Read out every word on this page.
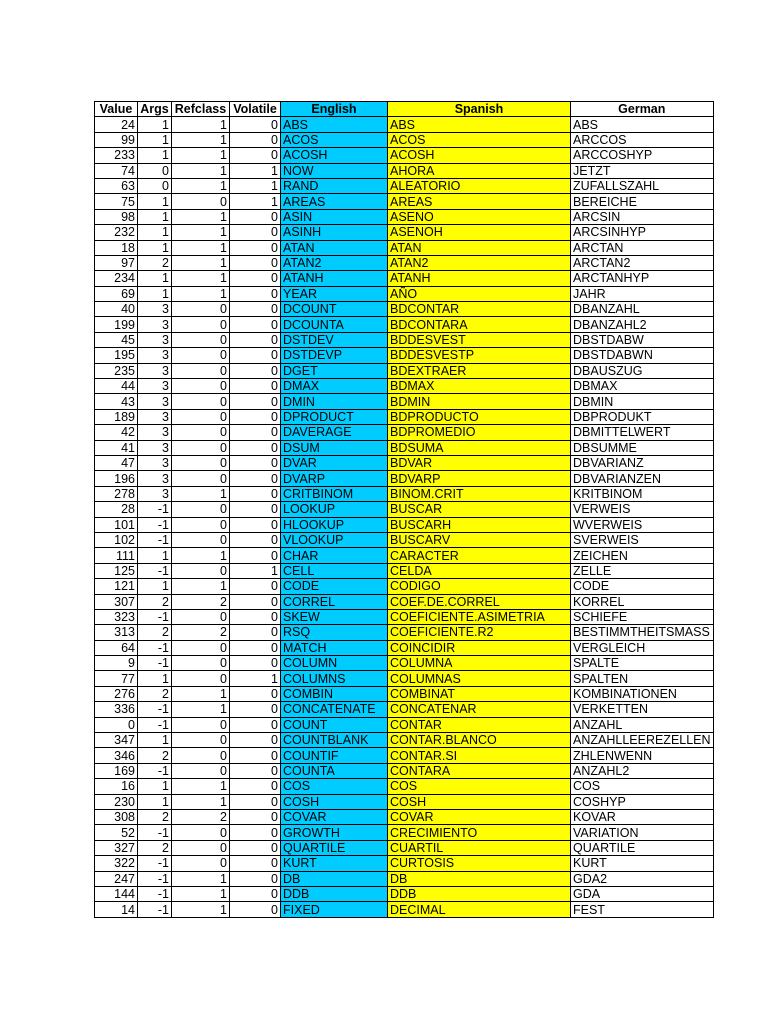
Value	Args	Refclass	Volatile	English	Spanish	German
24	1	1	0	ABS	ABS	ABS
99	1	1	0	ACOS	ACOS	ARCCOS
233	1	1	0	ACOSH	ACOSH	ARCCOSHYP
74	0	1	1	NOW	AHORA	JETZT
63	0	1	1	RAND	ALEATORIO	ZUFALLSZAHL
75	1	0	1	AREAS	AREAS	BEREICHE
98	1	1	0	ASIN	ASENO	ARCSIN
232	1	1	0	ASINH	ASENOH	ARCSINHYP
18	1	1	0	ATAN	ATAN	ARCTAN
97	2	1	0	ATAN2	ATAN2	ARCTAN2
234	1	1	0	ATANH	ATANH	ARCTANHYP
69	1	1	0	YEAR	AÑO	JAHR
40	3	0	0	DCOUNT	BDCONTAR	DBANZAHL
199	3	0	0	DCOUNTA	BDCONTARA	DBANZAHL2
45	3	0	0	DSTDEV	BDDESVEST	DBSTDABW
195	3	0	0	DSTDEVP	BDDESVESTP	DBSTDABWN
235	3	0	0	DGET	BDEXTRAER	DBAUSZUG
44	3	0	0	DMAX	BDMAX	DBMAX
43	3	0	0	DMIN	BDMIN	DBMIN
189	3	0	0	DPRODUCT	BDPRODUCTO	DBPRODUKT
42	3	0	0	DAVERAGE	BDPROMEDIO	DBMITTELWERT
41	3	0	0	DSUM	BDSUMA	DBSUMME
47	3	0	0	DVAR	BDVAR	DBVARIANZ
196	3	0	0	DVARP	BDVARP	DBVARIANZEN
278	3	1	0	CRITBINOM	BINOM.CRIT	KRITBINOM
28	-1	0	0	LOOKUP	BUSCAR	VERWEIS
101	-1	0	0	HLOOKUP	BUSCARH	WVERWEIS
102	-1	0	0	VLOOKUP	BUSCARV	SVERWEIS
111	1	1	0	CHAR	CARACTER	ZEICHEN
125	-1	0	1	CELL	CELDA	ZELLE
121	1	1	0	CODE	CODIGO	CODE
307	2	2	0	CORREL	COEF.DE.CORREL	KORREL
323	-1	0	0	SKEW	COEFICIENTE.ASIMETRIA	SCHIEFE
313	2	2	0	RSQ	COEFICIENTE.R2	BESTIMMTHEITSMASS
64	-1	0	0	MATCH	COINCIDIR	VERGLEICH
9	-1	0	0	COLUMN	COLUMNA	SPALTE
77	1	0	1	COLUMNS	COLUMNAS	SPALTEN
276	2	1	0	COMBIN	COMBINAT	KOMBINATIONEN
336	-1	1	0	CONCATENATE	CONCATENAR	VERKETTEN
0	-1	0	0	COUNT	CONTAR	ANZAHL
347	1	0	0	COUNTBLANK	CONTAR.BLANCO	ANZAHLLEEREZELLEN
346	2	0	0	COUNTIF	CONTAR.SI	ZHLENWENN
169	-1	0	0	COUNTA	CONTARA	ANZAHL2
16	1	1	0	COS	COS	COS
230	1	1	0	COSH	COSH	COSHYP
308	2	2	0	COVAR	COVAR	KOVAR
52	-1	0	0	GROWTH	CRECIMIENTO	VARIATION
327	2	0	0	QUARTILE	CUARTIL	QUARTILE
322	-1	0	0	KURT	CURTOSIS	KURT
247	-1	1	0	DB	DB	GDA2
144	-1	1	0	DDB	DDB	GDA
14	-1	1	0	FIXED	DECIMAL	FEST
